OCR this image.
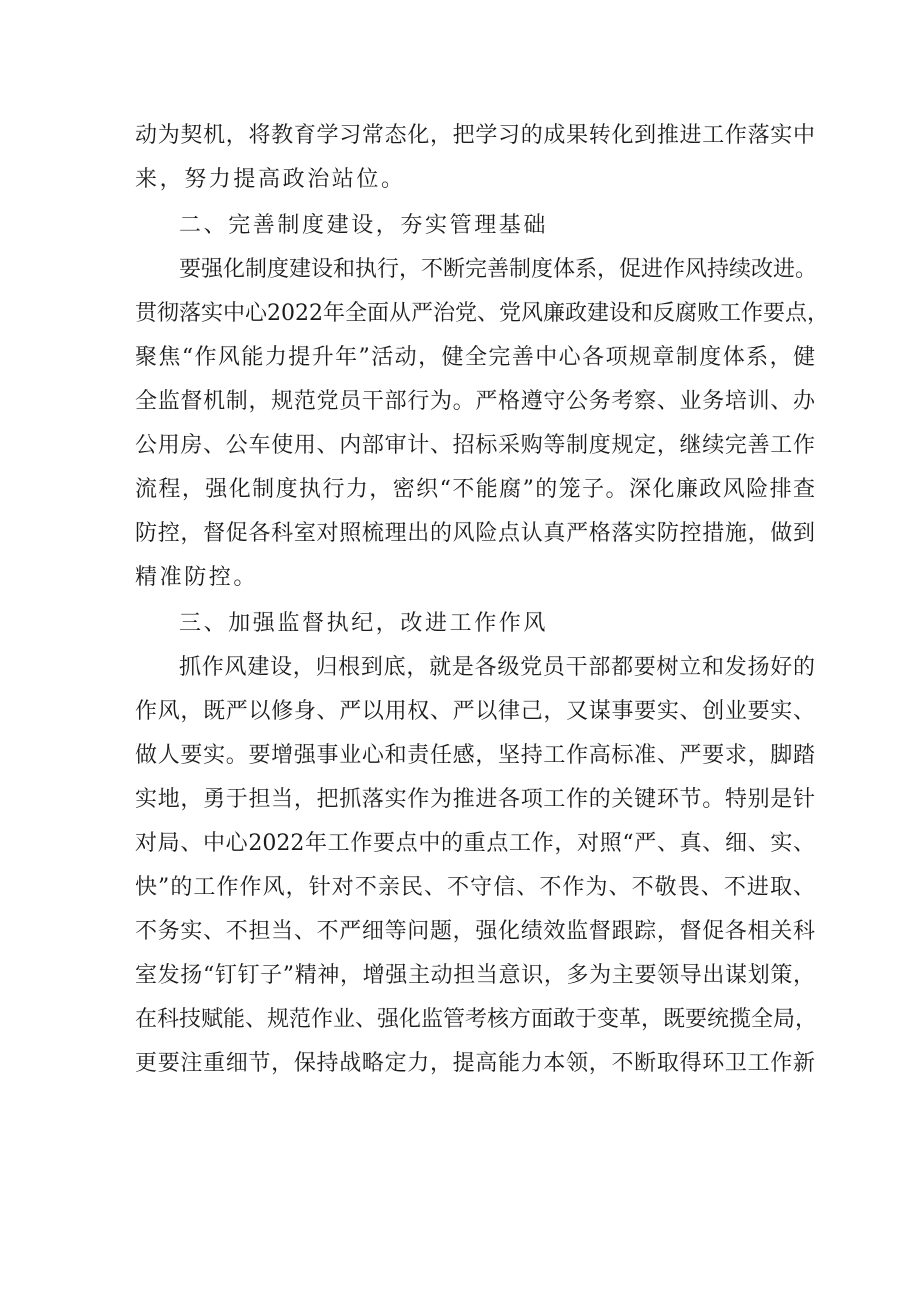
动为契机，将教育学习常态化，把学习的成果转化到推进工作落实中
来，努力提高政治站位。
二、完善制度建设，夯实管理基础
要强化制度建设和执行，不断完善制度体系，促进作风持续改进。
贯彻落实中心2022年全面从严治党、党风廉政建设和反腐败工作要点，
聚焦“作风能力提升年”活动，健全完善中心各项规章制度体系，健
全监督机制，规范党员干部行为。严格遵守公务考察、业务培训、办
公用房、公车使用、内部审计、招标采购等制度规定，继续完善工作
流程，强化制度执行力，密织“不能腐”的笼子。深化廉政风险排查
防控，督促各科室对照梳理出的风险点认真严格落实防控措施，做到
精准防控。
三、加强监督执纪，改进工作作风
抓作风建设，归根到底，就是各级党员干部都要树立和发扬好的
作风，既严以修身、严以用权、严以律己，又谋事要实、创业要实、
做人要实。要增强事业心和责任感，坚持工作高标准、严要求，脚踏
实地，勇于担当，把抓落实作为推进各项工作的关键环节。特别是针
对局、中心2022年工作要点中的重点工作，对照“严、真、细、实、
快”的工作作风，针对不亲民、不守信、不作为、不敬畏、不进取、
不务实、不担当、不严细等问题，强化绩效监督跟踪，督促各相关科
室发扬“钉钉子”精神，增强主动担当意识，多为主要领导出谋划策，
在科技赋能、规范作业、强化监管考核方面敢于变革，既要统揽全局，
更要注重细节，保持战略定力，提高能力本领，不断取得环卫工作新
